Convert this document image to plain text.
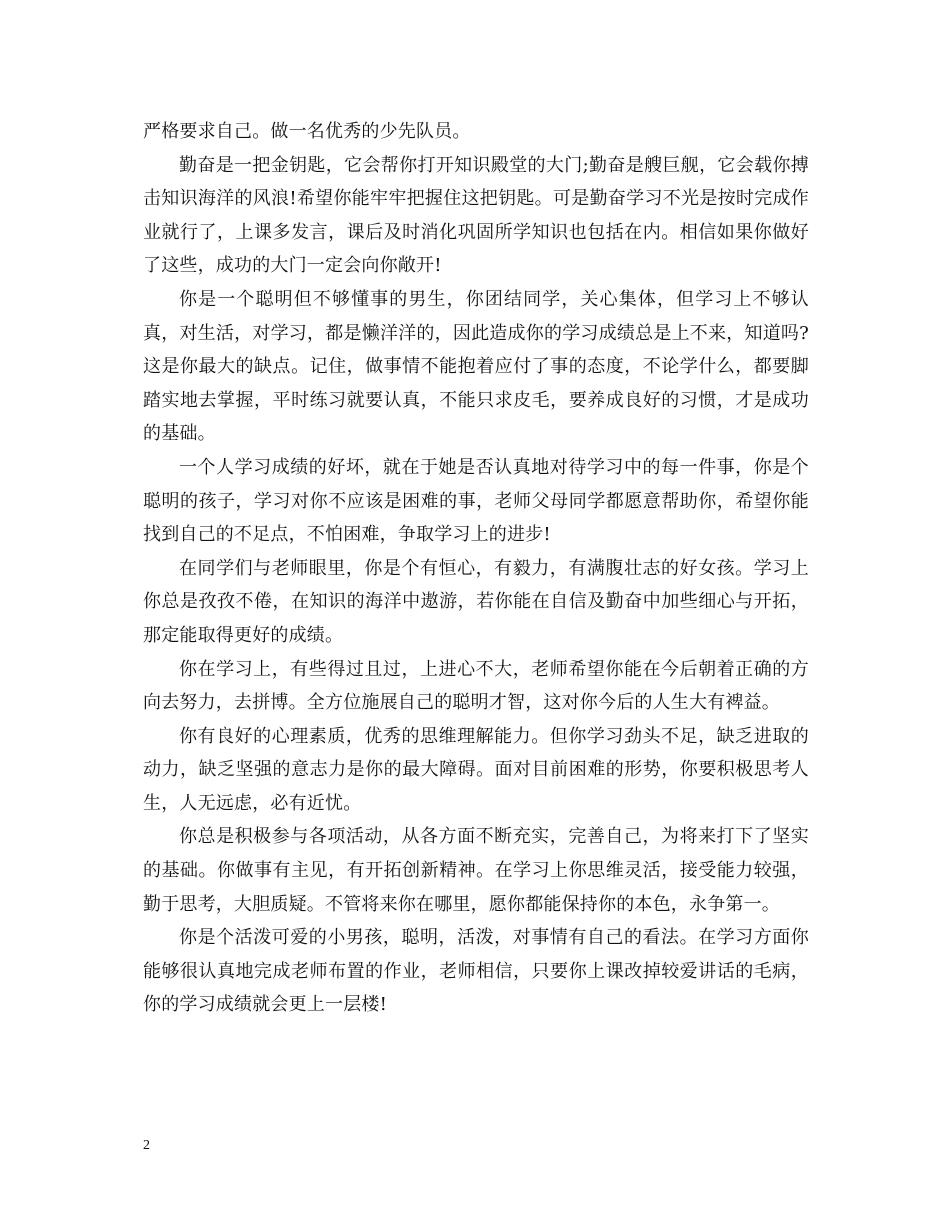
严格要求自己。做一名优秀的少先队员。

勤奋是一把金钥匙，它会帮你打开知识殿堂的大门;勤奋是艘巨舰，它会载你搏击知识海洋的风浪!希望你能牢牢把握住这把钥匙。可是勤奋学习不光是按时完成作业就行了，上课多发言，课后及时消化巩固所学知识也包括在内。相信如果你做好了这些，成功的大门一定会向你敞开!

你是一个聪明但不够懂事的男生，你团结同学，关心集体，但学习上不够认真，对生活，对学习，都是懒洋洋的，因此造成你的学习成绩总是上不来，知道吗?这是你最大的缺点。记住，做事情不能抱着应付了事的态度，不论学什么，都要脚踏实地去掌握，平时练习就要认真，不能只求皮毛，要养成良好的习惯，才是成功的基础。

一个人学习成绩的好坏，就在于她是否认真地对待学习中的每一件事，你是个聪明的孩子，学习对你不应该是困难的事，老师父母同学都愿意帮助你，希望你能找到自己的不足点，不怕困难，争取学习上的进步!

在同学们与老师眼里，你是个有恒心，有毅力，有满腹壮志的好女孩。学习上你总是孜孜不倦，在知识的海洋中遨游，若你能在自信及勤奋中加些细心与开拓，那定能取得更好的成绩。

你在学习上，有些得过且过，上进心不大，老师希望你能在今后朝着正确的方向去努力，去拼博。全方位施展自己的聪明才智，这对你今后的人生大有裨益。

你有良好的心理素质，优秀的思维理解能力。但你学习劲头不足，缺乏进取的动力，缺乏坚强的意志力是你的最大障碍。面对目前困难的形势，你要积极思考人生，人无远虑，必有近忧。

你总是积极参与各项活动，从各方面不断充实，完善自己，为将来打下了坚实的基础。你做事有主见，有开拓创新精神。在学习上你思维灵活，接受能力较强，勤于思考，大胆质疑。不管将来你在哪里，愿你都能保持你的本色，永争第一。

你是个活泼可爱的小男孩，聪明，活泼，对事情有自己的看法。在学习方面你能够很认真地完成老师布置的作业，老师相信，只要你上课改掉较爱讲话的毛病，你的学习成绩就会更上一层楼!

2
